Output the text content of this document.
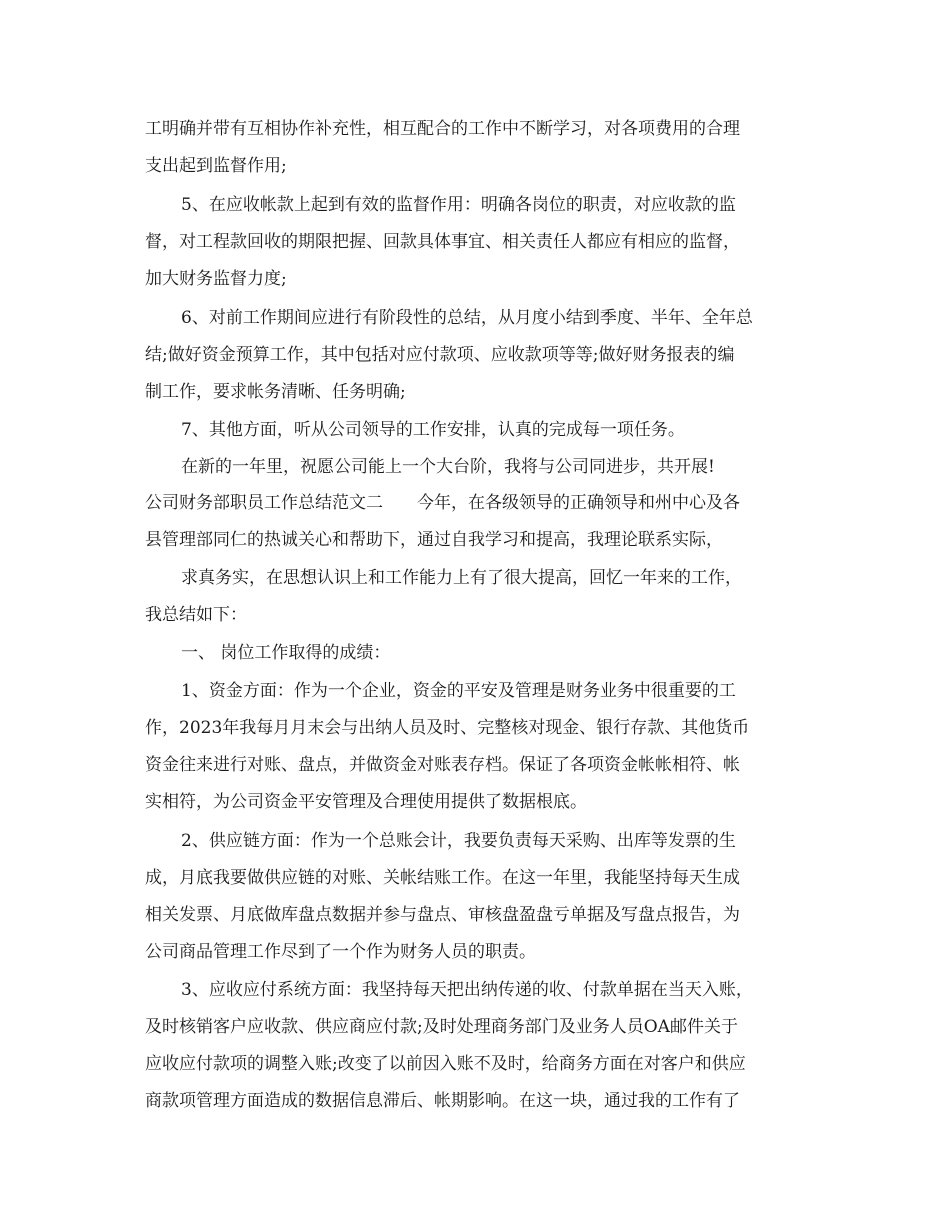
工明确并带有互相协作补充性，相互配合的工作中不断学习，对各项费用的合理
支出起到监督作用;
5、在应收帐款上起到有效的监督作用：明确各岗位的职责，对应收款的监
督，对工程款回收的期限把握、回款具体事宜、相关责任人都应有相应的监督，
加大财务监督力度;
6、对前工作期间应进行有阶段性的总结，从月度小结到季度、半年、全年总
结;做好资金预算工作，其中包括对应付款项、应收款项等等;做好财务报表的编
制工作，要求帐务清晰、任务明确;
7、其他方面，听从公司领导的工作安排，认真的完成每一项任务。
在新的一年里，祝愿公司能上一个大台阶，我将与公司同进步，共开展!
公司财务部职员工作总结范文二　　今年，在各级领导的正确领导和州中心及各
县管理部同仁的热诚关心和帮助下，通过自我学习和提高，我理论联系实际，
求真务实，在思想认识上和工作能力上有了很大提高，回忆一年来的工作，
我总结如下：
一、 岗位工作取得的成绩：
1、资金方面：作为一个企业，资金的平安及管理是财务业务中很重要的工
作，2023年我每月月末会与出纳人员及时、完整核对现金、银行存款、其他货币
资金往来进行对账、盘点，并做资金对账表存档。保证了各项资金帐帐相符、帐
实相符，为公司资金平安管理及合理使用提供了数据根底。
2、供应链方面：作为一个总账会计，我要负责每天采购、出库等发票的生
成，月底我要做供应链的对账、关帐结账工作。在这一年里，我能坚持每天生成
相关发票、月底做库盘点数据并参与盘点、审核盘盈盘亏单据及写盘点报告，为
公司商品管理工作尽到了一个作为财务人员的职责。
3、应收应付系统方面：我坚持每天把出纳传递的收、付款单据在当天入账，
及时核销客户应收款、供应商应付款;及时处理商务部门及业务人员OA邮件关于
应收应付款项的调整入账;改变了以前因入账不及时，给商务方面在对客户和供应
商款项管理方面造成的数据信息滞后、帐期影响。在这一块，通过我的工作有了
